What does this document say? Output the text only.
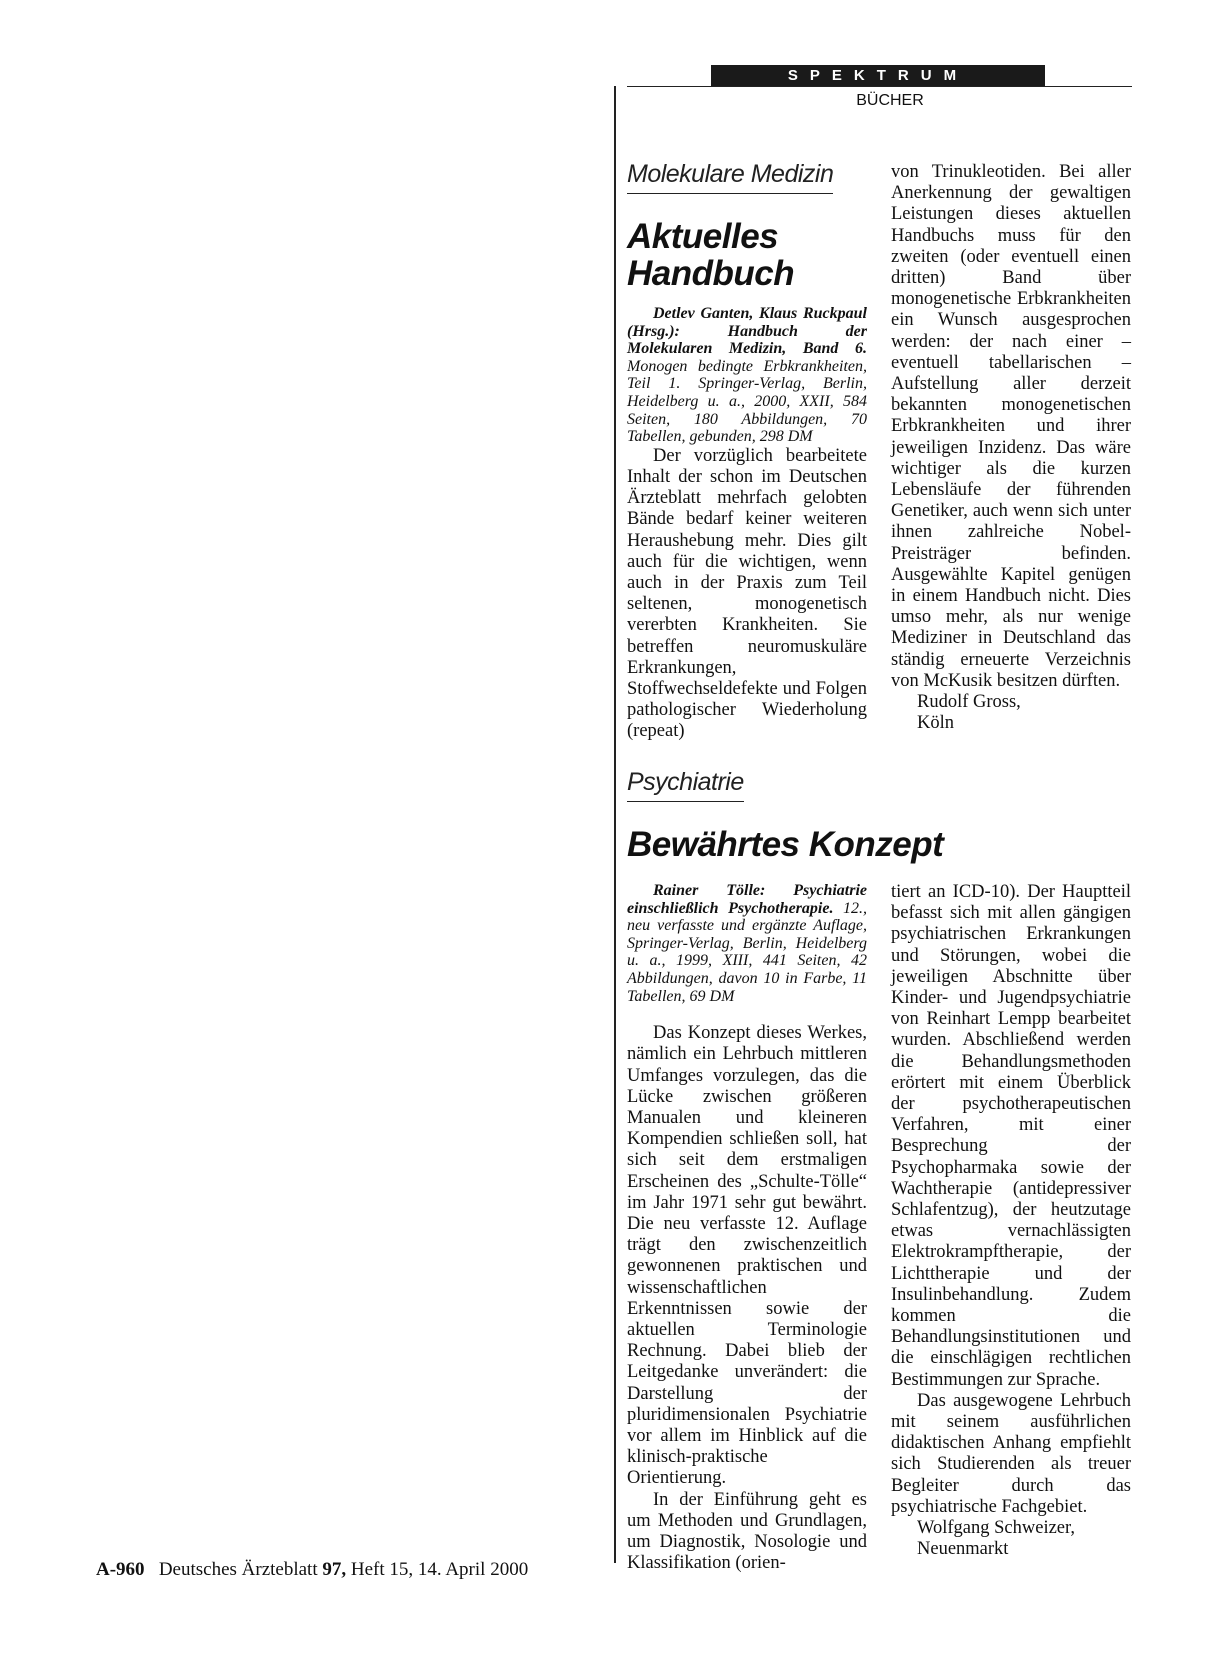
SPEKTRUM
BÜCHER
Molekulare Medizin
Aktuelles
Handbuch

Detlev Ganten, Klaus Ruckpaul (Hrsg.): Handbuch der Molekularen Medizin, Band 6. Monogen bedingte Erbkrankheiten, Teil 1. Springer-Verlag, Berlin, Heidelberg u. a., 2000, XXII, 584 Seiten, 180 Abbildungen, 70 Tabellen, gebunden, 298 DM

Der vorzüglich bearbeitete Inhalt der schon im Deutschen Ärzteblatt mehrfach gelobten Bände bedarf keiner weiteren Heraushebung mehr. Dies gilt auch für die wichtigen, wenn auch in der Praxis zum Teil seltenen, monogenetisch vererbten Krankheiten. Sie betreffen neuromuskuläre Erkrankungen, Stoffwechseldefekte und Folgen pathologischer Wiederholung (repeat)

von Trinukleotiden. Bei aller Anerkennung der gewaltigen Leistungen dieses aktuellen Handbuchs muss für den zweiten (oder eventuell einen dritten) Band über monogenetische Erbkrankheiten ein Wunsch ausgesprochen werden: der nach einer – eventuell tabellarischen – Aufstellung aller derzeit bekannten monogenetischen Erbkrankheiten und ihrer jeweiligen Inzidenz. Das wäre wichtiger als die kurzen Lebensläufe der führenden Genetiker, auch wenn sich unter ihnen zahlreiche Nobel-Preisträger befinden. Ausgewählte Kapitel genügen in einem Handbuch nicht. Dies umso mehr, als nur wenige Mediziner in Deutschland das ständig erneuerte Verzeichnis von McKusik besitzen dürften.

Rudolf Gross,
Köln
Psychiatrie
Bewährtes Konzept

Rainer Tölle: Psychiatrie einschließlich Psychotherapie. 12., neu verfasste und ergänzte Auflage, Springer-Verlag, Berlin, Heidelberg u. a., 1999, XIII, 441 Seiten, 42 Abbildungen, davon 10 in Farbe, 11 Tabellen, 69 DM

Das Konzept dieses Werkes, nämlich ein Lehrbuch mittleren Umfanges vorzulegen, das die Lücke zwischen größeren Manualen und kleineren Kompendien schließen soll, hat sich seit dem erstmaligen Erscheinen des „Schulte-Tölle“ im Jahr 1971 sehr gut bewährt. Die neu verfasste 12. Auflage trägt den zwischenzeitlich gewonnenen praktischen und wissenschaftlichen Erkenntnissen sowie der aktuellen Terminologie Rechnung. Dabei blieb der Leitgedanke unverändert: die Darstellung der pluridimensionalen Psychiatrie vor allem im Hinblick auf die klinisch-praktische Orientierung.

In der Einführung geht es um Methoden und Grundlagen, um Diagnostik, Nosologie und Klassifikation (orien-

tiert an ICD-10). Der Hauptteil befasst sich mit allen gängigen psychiatrischen Erkrankungen und Störungen, wobei die jeweiligen Abschnitte über Kinder- und Jugendpsychiatrie von Reinhart Lempp bearbeitet wurden. Abschließend werden die Behandlungsmethoden erörtert mit einem Überblick der psychotherapeutischen Verfahren, mit einer Besprechung der Psychopharmaka sowie der Wachtherapie (antidepressiver Schlafentzug), der heutzutage etwas vernachlässigten Elektrokrampftherapie, der Lichttherapie und der Insulinbehandlung. Zudem kommen die Behandlungsinstitutionen und die einschlägigen rechtlichen Bestimmungen zur Sprache.

Das ausgewogene Lehrbuch mit seinem ausführlichen didaktischen Anhang empfiehlt sich Studierenden als treuer Begleiter durch das psychiatrische Fachgebiet.

Wolfgang Schweizer,
Neuenmarkt
A-960 Deutsches Ärzteblatt 97, Heft 15, 14. April 2000
